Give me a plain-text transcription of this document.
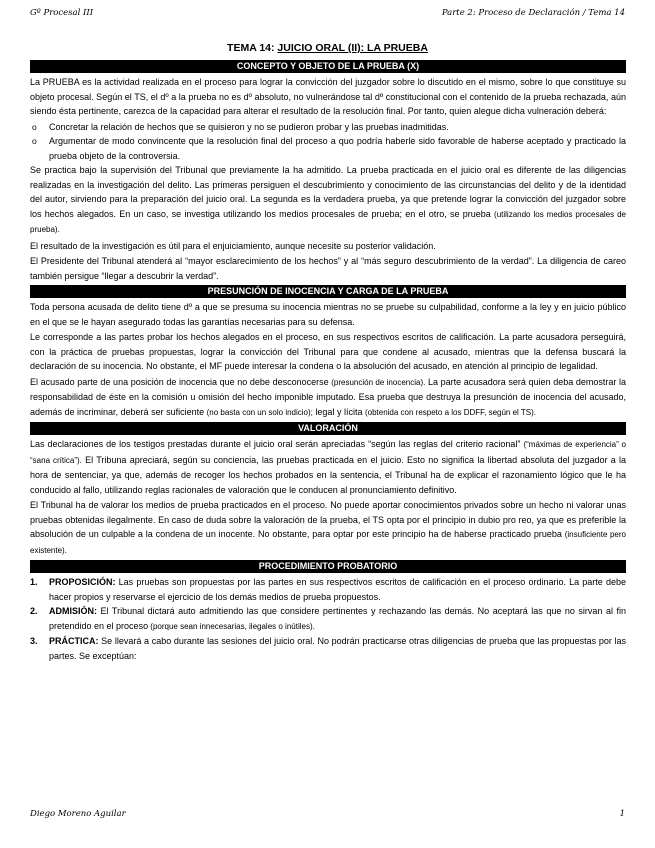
Gº Procesal III	Parte 2: Proceso de Declaración / Tema 14
TEMA 14: JUICIO ORAL (II): LA PRUEBA
CONCEPTO Y OBJETO DE LA PRUEBA (X)

La PRUEBA es la actividad realizada en el proceso para lograr la convicción del juzgador sobre lo discutido en el mismo, sobre lo que constituye su objeto procesal. Según el TS, el dº a la prueba no es dº absoluto, no vulnerándose tal dº constitucional con el contenido de la prueba rechazada, aún siendo ésta pertinente, carezca de la capacidad para alterar el resultado de la resolución final. Por tanto, quien alegue dicha vulneración deberá:

o Concretar la relación de hechos que se quisieron y no se pudieron probar y las pruebas inadmitidas.
o Argumentar de modo convincente que la resolución final del proceso a quo podría haberle sido favorable de haberse aceptado y practicado la prueba objeto de la controversia.

Se practica bajo la supervisión del Tribunal que previamente la ha admitido. La prueba practicada en el juicio oral es diferente de las diligencias realizadas en la investigación del delito. Las primeras persiguen el descubrimiento y conocimiento de las circunstancias del delito y de la identidad del autor, sirviendo para la preparación del juicio oral. La segunda es la verdadera prueba, ya que pretende lograr la convicción del juzgador sobre los hechos alegados. En un caso, se investiga utilizando los medios procesales de prueba; en el otro, se prueba (utilizando los medios procesales de prueba).

El resultado de la investigación es útil para el enjuiciamiento, aunque necesite su posterior validación.

El Presidente del Tribunal atenderá al “mayor esclarecimiento de los hechos” y al “más seguro descubrimiento de la verdad”. La diligencia de careo también persigue “llegar a descubrir la verdad”.

PRESUNCIÓN DE INOCENCIA Y CARGA DE LA PRUEBA

Toda persona acusada de delito tiene dº a que se presuma su inocencia mientras no se pruebe su culpabilidad, conforme a la ley y en juicio público en el que se le hayan asegurado todas las garantías necesarias para su defensa.

Le corresponde a las partes probar los hechos alegados en el proceso, en sus respectivos escritos de calificación. La parte acusadora perseguirá, con la práctica de pruebas propuestas, lograr la convicción del Tribunal para que condene al acusado, mientras que la defensa buscará la declaración de su inocencia. No obstante, el MF puede interesar la condena o la absolución del acusado, en atención al principio de legalidad.

El acusado parte de una posición de inocencia que no debe desconocerse (presunción de inocencia). La parte acusadora será quien deba demostrar la responsabilidad de éste en la comisión u omisión del hecho imponible imputado. Esa prueba que destruya la presunción de inocencia del acusado, además de incriminar, deberá ser suficiente (no basta con un solo indicio); legal y lícita (obtenida con respeto a los DDFF, según el TS).

VALORACIÓN

Las declaraciones de los testigos prestadas durante el juicio oral serán apreciadas “según las reglas del criterio racional” (“máximas de experiencia” o “sana crítica”). El Tribuna apreciará, según su conciencia, las pruebas practicada en el juicio. Esto no significa la libertad absoluta del juzgador a la hora de sentenciar, ya que, además de recoger los hechos probados en la sentencia, el Tribunal ha de explicar el razonamiento lógico que le ha conducido al fallo, utilizando reglas racionales de valoración que le conducen al pronunciamiento definitivo.

El Tribunal ha de valorar los medios de prueba practicados en el proceso. No puede aportar conocimientos privados sobre un hecho ni valorar unas pruebas obtenidas ilegalmente. En caso de duda sobre la valoración de la prueba, el TS opta por el principio in dubio pro reo, ya que es preferible la absolución de un culpable a la condena de un inocente. No obstante, para optar por este principio ha de haberse practicado prueba (insuficiente pero existente).

PROCEDIMIENTO PROBATORIO
1. PROPOSICIÓN: Las pruebas son propuestas por las partes en sus respectivos escritos de calificación en el proceso ordinario. La parte debe hacer propios y reservarse el ejercicio de los demás medios de prueba propuestos.
2. ADMISIÓN: El Tribunal dictará auto admitiendo las que considere pertinentes y rechazando las demás. No aceptará las que no sirvan al fin pretendido en el proceso (porque sean innecesarias, ilegales o inútiles).
3. PRÁCTICA: Se llevará a cabo durante las sesiones del juicio oral. No podrán practicarse otras diligencias de prueba que las propuestas por las partes. Se exceptúan:
Diego Moreno Aguilar	1
